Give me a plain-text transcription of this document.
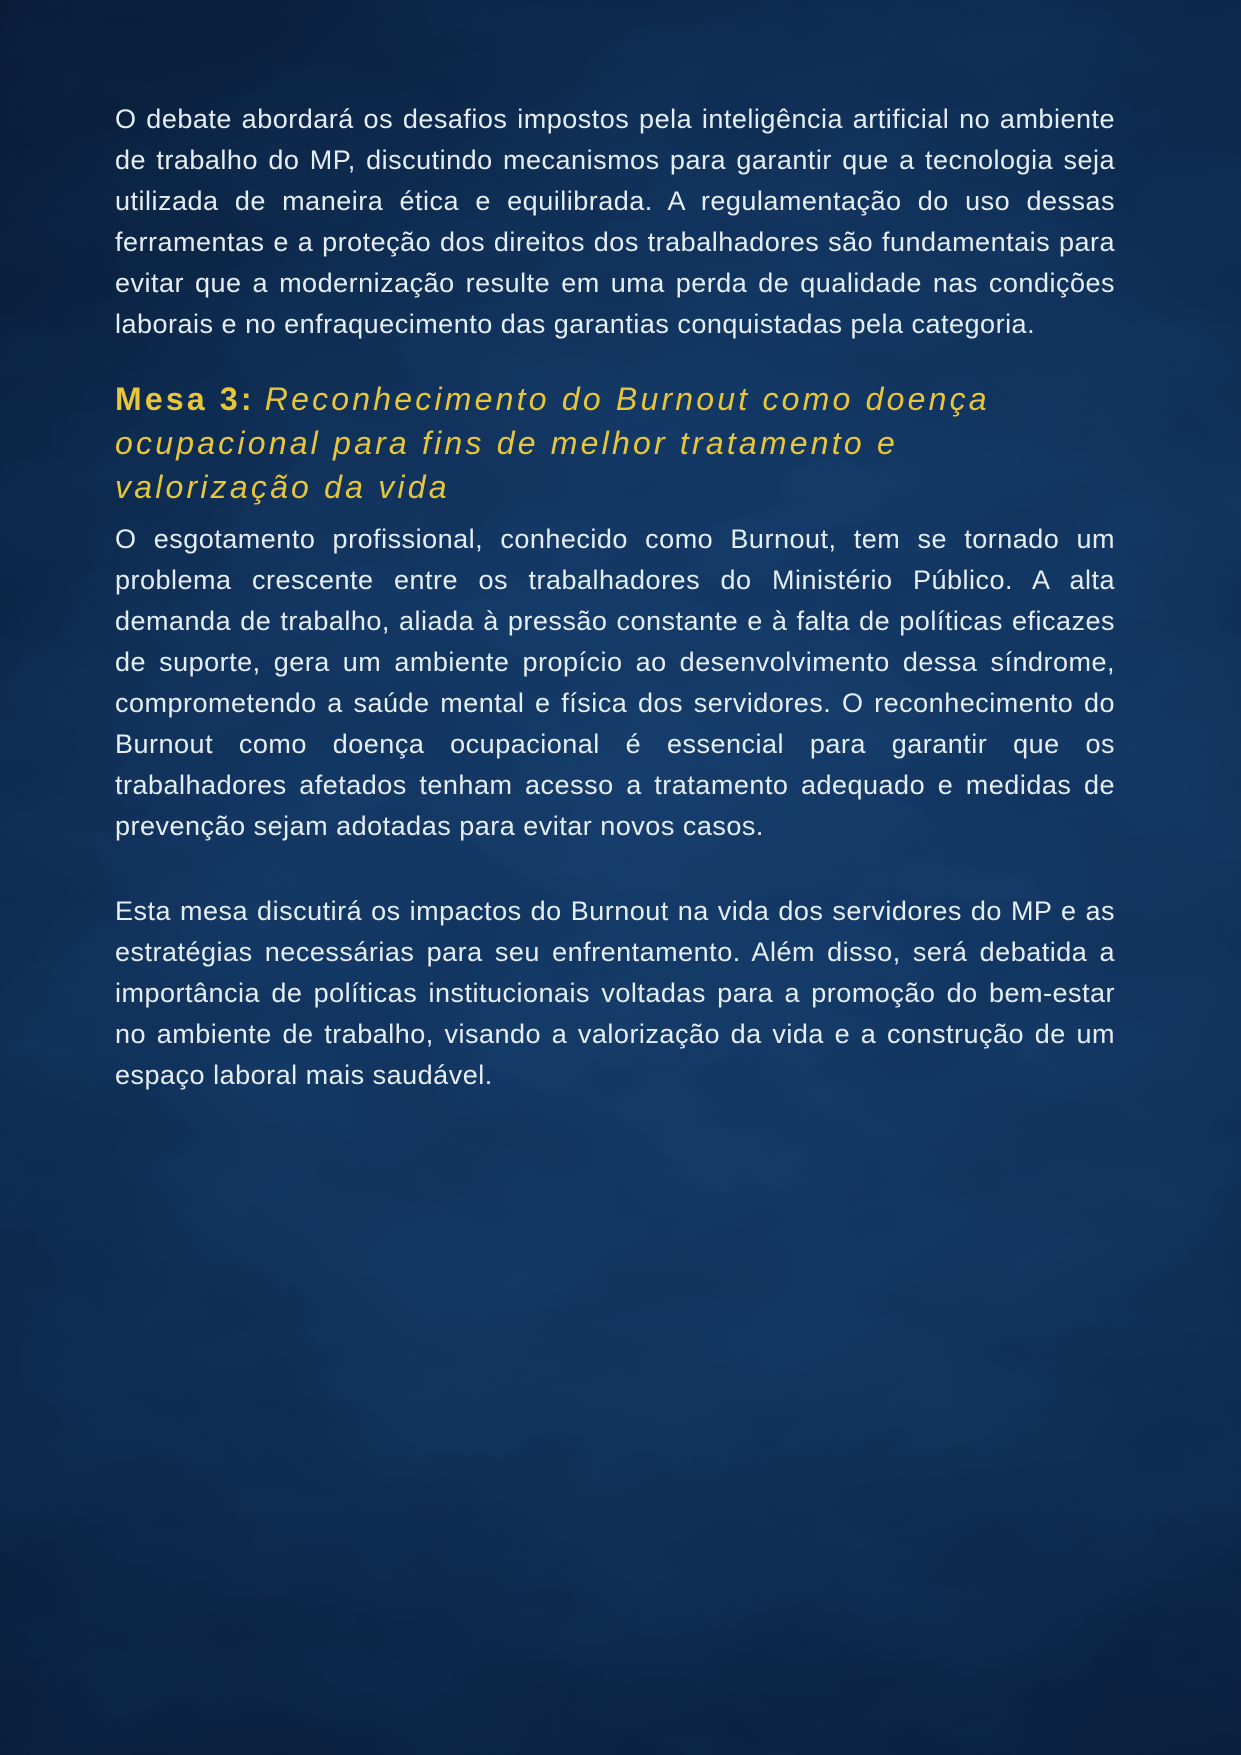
O debate abordará os desafios impostos pela inteligência artificial no ambiente de trabalho do MP, discutindo mecanismos para garantir que a tecnologia seja utilizada de maneira ética e equilibrada. A regulamentação do uso dessas ferramentas e a proteção dos direitos dos trabalhadores são fundamentais para evitar que a modernização resulte em uma perda de qualidade nas condições laborais e no enfraquecimento das garantias conquistadas pela categoria.

Mesa 3: Reconhecimento do Burnout como doença ocupacional para fins de melhor tratamento e valorização da vida

O esgotamento profissional, conhecido como Burnout, tem se tornado um problema crescente entre os trabalhadores do Ministério Público. A alta demanda de trabalho, aliada à pressão constante e à falta de políticas eficazes de suporte, gera um ambiente propício ao desenvolvimento dessa síndrome, comprometendo a saúde mental e física dos servidores. O reconhecimento do Burnout como doença ocupacional é essencial para garantir que os trabalhadores afetados tenham acesso a tratamento adequado e medidas de prevenção sejam adotadas para evitar novos casos.

Esta mesa discutirá os impactos do Burnout na vida dos servidores do MP e as estratégias necessárias para seu enfrentamento. Além disso, será debatida a importância de políticas institucionais voltadas para a promoção do bem-estar no ambiente de trabalho, visando a valorização da vida e a construção de um espaço laboral mais saudável.
